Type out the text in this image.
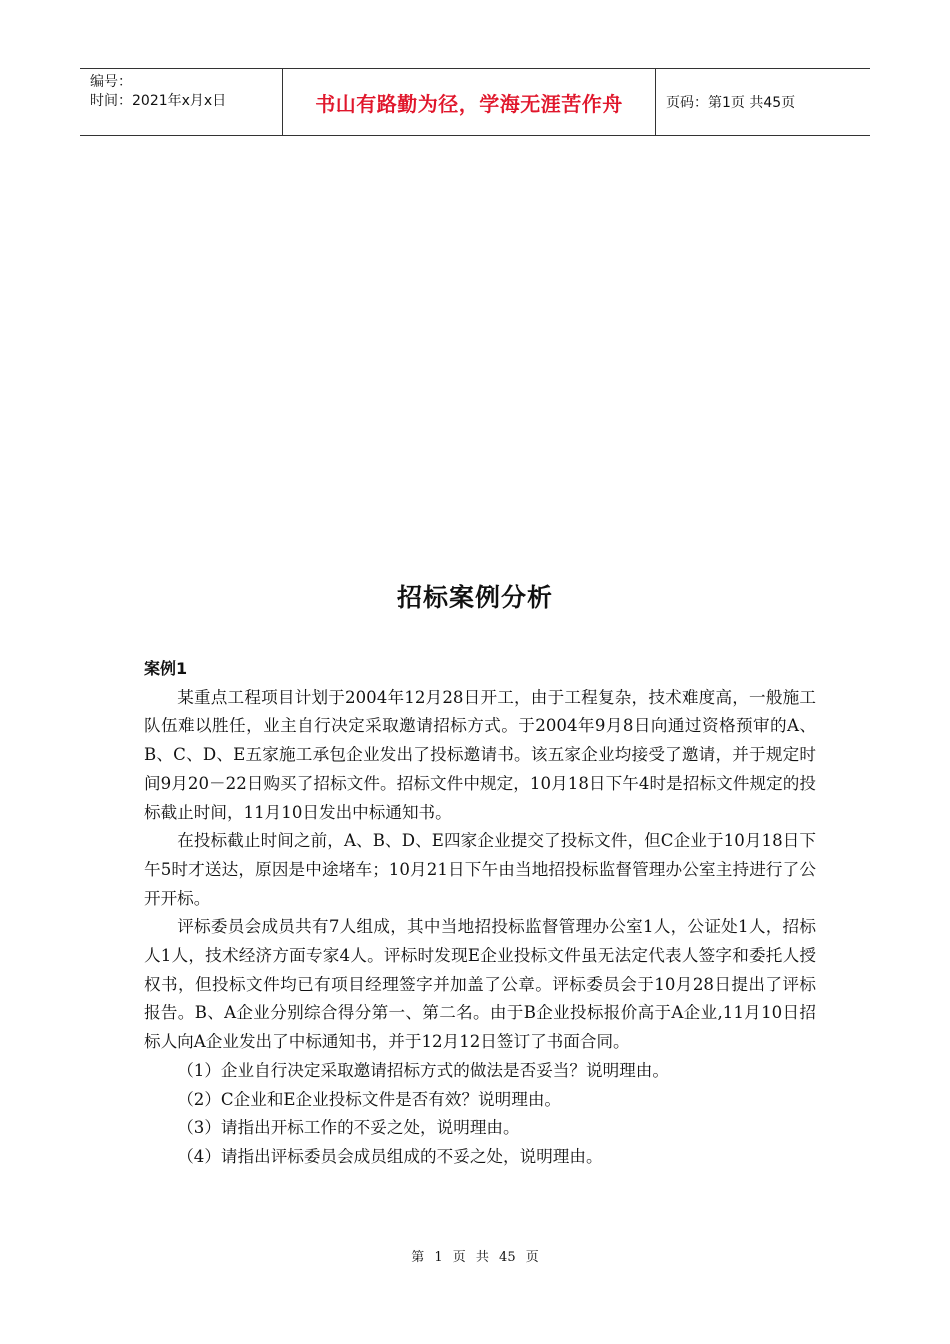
编号：
时间：2021年x月x日	书山有路勤为径，学海无涯苦作舟	页码：第1页 共45页
招标案例分析
案例1

某重点工程项目计划于2004年12月28日开工，由于工程复杂，技术难度高，一般施工队伍难以胜任，业主自行决定采取邀请招标方式。于2004年9月8日向通过资格预审的A、B、C、D、E五家施工承包企业发出了投标邀请书。该五家企业均接受了邀请，并于规定时间9月20－22日购买了招标文件。招标文件中规定，10月18日下午4时是招标文件规定的投标截止时间，11月10日发出中标通知书。

在投标截止时间之前，A、B、D、E四家企业提交了投标文件，但C企业于10月18日下午5时才送达，原因是中途堵车；10月21日下午由当地招投标监督管理办公室主持进行了公开开标。

评标委员会成员共有7人组成，其中当地招投标监督管理办公室1人，公证处1人，招标人1人，技术经济方面专家4人。评标时发现E企业投标文件虽无法定代表人签字和委托人授权书，但投标文件均已有项目经理签字并加盖了公章。评标委员会于10月28日提出了评标报告。B、A企业分别综合得分第一、第二名。由于B企业投标报价高于A企业,11月10日招标人向A企业发出了中标通知书，并于12月12日签订了书面合同。

（1）企业自行决定采取邀请招标方式的做法是否妥当？说明理由。

（2）C企业和E企业投标文件是否有效？说明理由。

（3）请指出开标工作的不妥之处，说明理由。

（4）请指出评标委员会成员组成的不妥之处，说明理由。

第 1 页 共 45 页
